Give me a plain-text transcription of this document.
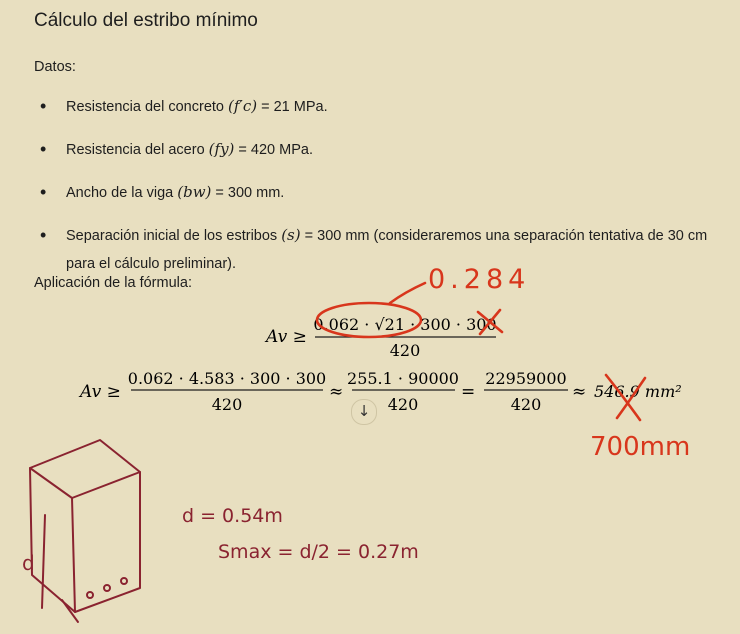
Cálculo del estribo mínimo
Datos:
• Resistencia del concreto (f′c) = 21 MPa.
• Resistencia del acero (fy) = 420 MPa.
• Ancho de la viga (bw) = 300 mm.
• Separación inicial de los estribos (s) = 300 mm (consideraremos una separación tentativa de 30 cm para el cálculo preliminar).
Aplicación de la fórmula:
Av ≥
0.062 · √21 · 300 · 300
420
Av ≥
0.062 · 4.583 · 300 · 300
420
≈
255.1 · 90000
420
=
22959000
420
≈ 546.9 mm²
0.284
700mm
d = 0.54m
Smax = d/2 = 0.27m
d
↓
